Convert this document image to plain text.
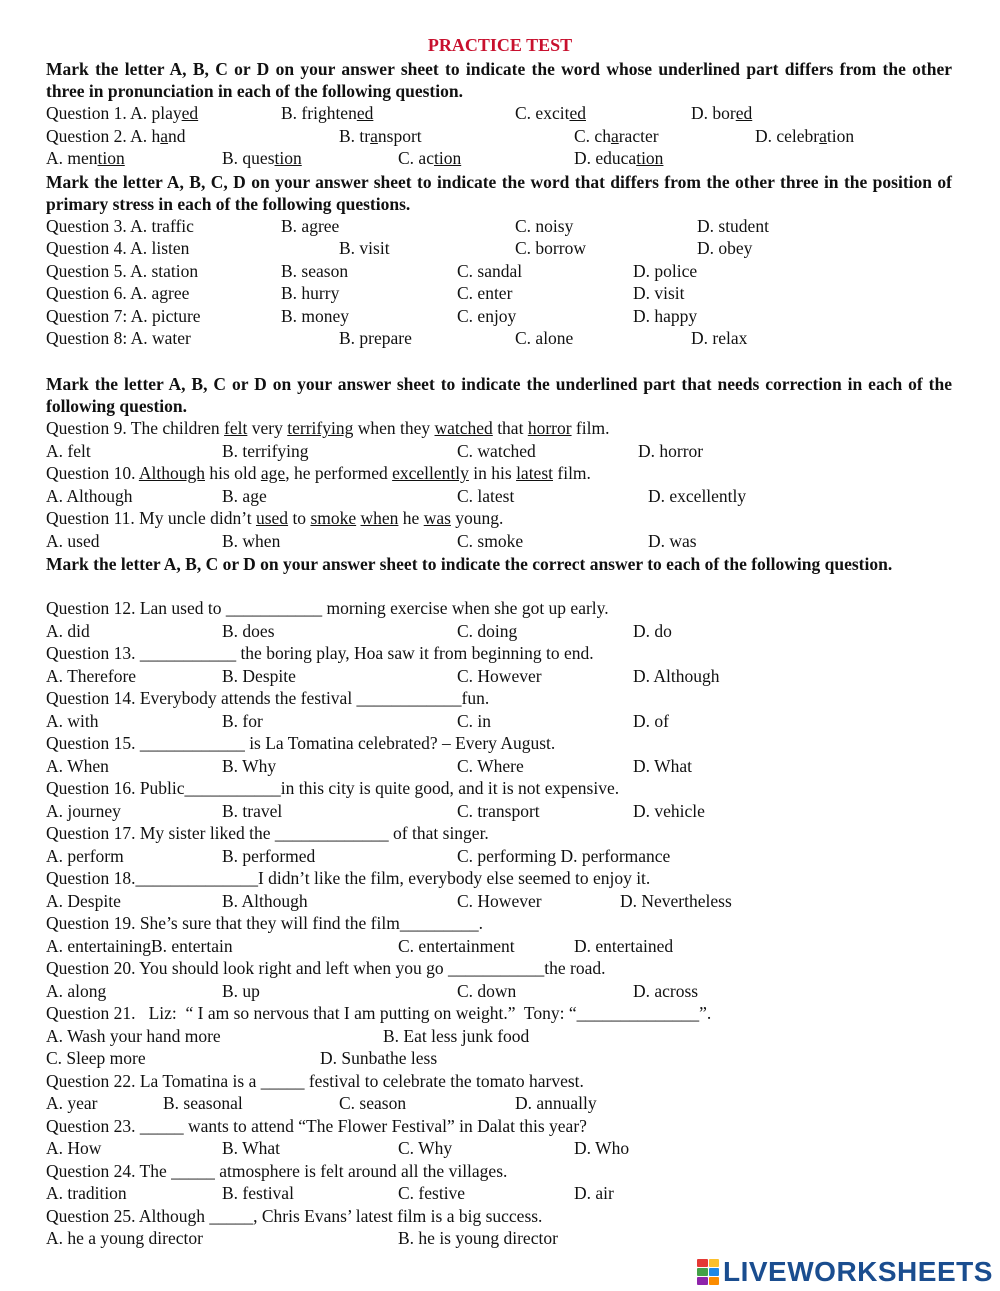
PRACTICE TEST
Mark the letter A, B, C or D on your answer sheet to indicate the word whose underlined part differs from the other three in pronunciation in each of the following question.
Question 1. A. played	B. frightened	C. excited	D. bored
Question 2. A. hand	B. transport	C. character	D. celebration
A. mention	B. question	C. action	D. education
Mark the letter A, B, C, D on your answer sheet to indicate the word that differs from the other three in the position of primary stress in each of the following questions.
Question 3. A. traffic	B. agree	C. noisy	D. student
Question 4. A. listen	B. visit	C. borrow	D. obey
Question 5. A. station	B. season	C. sandal	D. police
Question 6. A. agree	B. hurry	C. enter	D. visit
Question 7: A. picture	B. money	C. enjoy	D. happy
Question 8: A. water	B. prepare	C. alone	D. relax
Mark the letter A, B, C or D on your answer sheet to indicate the underlined part that needs correction in each of the following question.
Question 9. The children felt very terrifying when they watched that horror film.
A. felt	B. terrifying	C. watched	D. horror
Question 10. Although his old age, he performed excellently in his latest film.
A. Although	B. age	C. latest	D. excellently
Question 11. My uncle didn’t used to smoke when he was young.
A. used	B. when	C. smoke	D. was
Mark the letter A, B, C or D on your answer sheet to indicate the correct answer to each of the following question.
Question 12. Lan used to ___________ morning exercise when she got up early.
A. did	B. does	C. doing	D. do
Question 13. ___________ the boring play, Hoa saw it from beginning to end.
A. Therefore	B. Despite	C. However	D. Although
Question 14. Everybody attends the festival ____________fun.
A. with	B. for	C. in	D. of
Question 15. ____________ is La Tomatina celebrated? – Every August.
A. When	B. Why	C. Where	D. What
Question 16. Public___________in this city is quite good, and it is not expensive.
A. journey	B. travel	C. transport	D. vehicle
Question 17. My sister liked the _____________ of that singer.
A. perform	B. performed	C. performing D. performance
Question 18.______________I didn’t like the film, everybody else seemed to enjoy it.
A. Despite	B. Although	C. However	D. Nevertheless
Question 19. She’s sure that they will find the film_________.
A. entertainingB. entertain	C. entertainment	D. entertained
Question 20. You should look right and left when you go ___________the road.
A. along	B. up	C. down	D. across
Question 21.   Liz:  “ I am so nervous that I am putting on weight.”  Tony: “______________”.
A. Wash your hand more	B. Eat less junk food
C. Sleep more	D. Sunbathe less
Question 22. La Tomatina is a _____ festival to celebrate the tomato harvest.
A. year	B. seasonal	C. season	D. annually
Question 23. _____ wants to attend “The Flower Festival” in Dalat this year?
A. How	B. What	C. Why	D. Who
Question 24. The _____ atmosphere is felt around all the villages.
A. tradition	B. festival	C. festive	D. air
Question 25. Although _____, Chris Evans’ latest film is a big success.
A. he a young director	B. he is young director
LIVEWORKSHEETS
